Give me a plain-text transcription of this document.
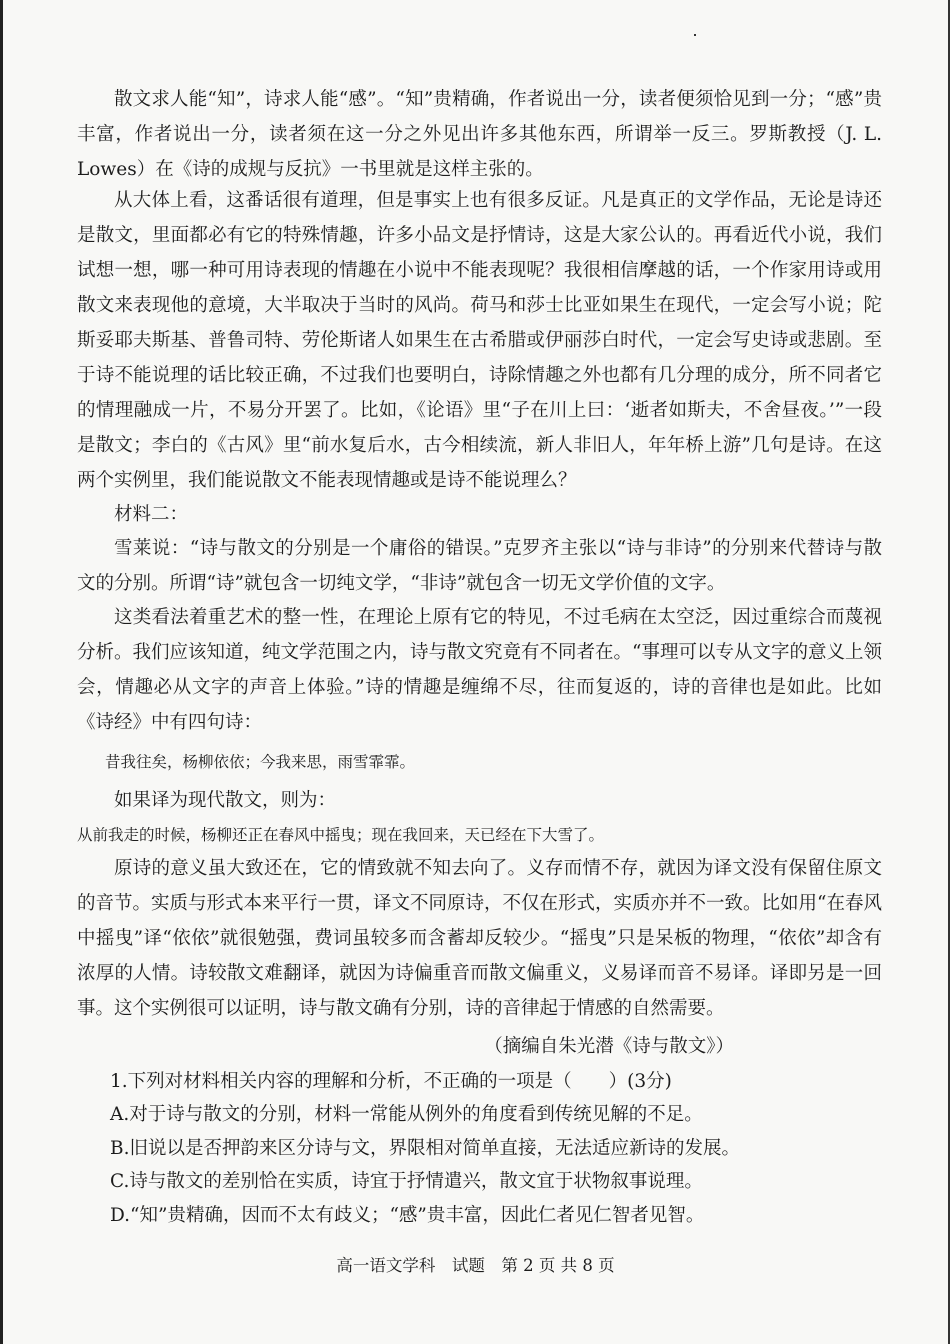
散文求人能“知”，诗求人能“感”。“知”贵精确，作者说出一分，读者便须恰见到一分；“感”贵丰富，作者说出一分，读者须在这一分之外见出许多其他东西，所谓举一反三。罗斯教授（J. L. Lowes）在《诗的成规与反抗》一书里就是这样主张的。

从大体上看，这番话很有道理，但是事实上也有很多反证。凡是真正的文学作品，无论是诗还是散文，里面都必有它的特殊情趣，许多小品文是抒情诗，这是大家公认的。再看近代小说，我们试想一想，哪一种可用诗表现的情趣在小说中不能表现呢？我很相信摩越的话，一个作家用诗或用散文来表现他的意境，大半取决于当时的风尚。荷马和莎士比亚如果生在现代，一定会写小说；陀斯妥耶夫斯基、普鲁司特、劳伦斯诸人如果生在古希腊或伊丽莎白时代，一定会写史诗或悲剧。至于诗不能说理的话比较正确，不过我们也要明白，诗除情趣之外也都有几分理的成分，所不同者它的情理融成一片，不易分开罢了。比如，《论语》里“子在川上曰：‘逝者如斯夫，不舍昼夜。’”一段是散文；李白的《古风》里“前水复后水，古今相续流，新人非旧人，年年桥上游”几句是诗。在这两个实例里，我们能说散文不能表现情趣或是诗不能说理么？

材料二：

雪莱说：“诗与散文的分别是一个庸俗的错误。”克罗齐主张以“诗与非诗”的分别来代替诗与散文的分别。所谓“诗”就包含一切纯文学，“非诗”就包含一切无文学价值的文字。

这类看法着重艺术的整一性，在理论上原有它的特见，不过毛病在太空泛，因过重综合而蔑视分析。我们应该知道，纯文学范围之内，诗与散文究竟有不同者在。“事理可以专从文字的意义上领会，情趣必从文字的声音上体验。”诗的情趣是缠绵不尽，往而复返的，诗的音律也是如此。比如《诗经》中有四句诗：

昔我往矣，杨柳依依；今我来思，雨雪霏霏。

如果译为现代散文，则为：

从前我走的时候，杨柳还正在春风中摇曳；现在我回来，天已经在下大雪了。

原诗的意义虽大致还在，它的情致就不知去向了。义存而情不存，就因为译文没有保留住原文的音节。实质与形式本来平行一贯，译文不同原诗，不仅在形式，实质亦并不一致。比如用“在春风中摇曳”译“依依”就很勉强，费词虽较多而含蓄却反较少。“摇曳”只是呆板的物理，“依依”却含有浓厚的人情。诗较散文难翻译，就因为诗偏重音而散文偏重义，义易译而音不易译。译即另是一回事。这个实例很可以证明，诗与散文确有分别，诗的音律起于情感的自然需要。

（摘编自朱光潜《诗与散文》）

1.下列对材料相关内容的理解和分析，不正确的一项是（　　）(3分)

A.对于诗与散文的分别，材料一常能从例外的角度看到传统见解的不足。

B.旧说以是否押韵来区分诗与文，界限相对简单直接，无法适应新诗的发展。

C.诗与散文的差别恰在实质，诗宜于抒情遣兴，散文宜于状物叙事说理。

D.“知”贵精确，因而不太有歧义；“感”贵丰富，因此仁者见仁智者见智。

高一语文学科　试题　第 2 页 共 8 页
